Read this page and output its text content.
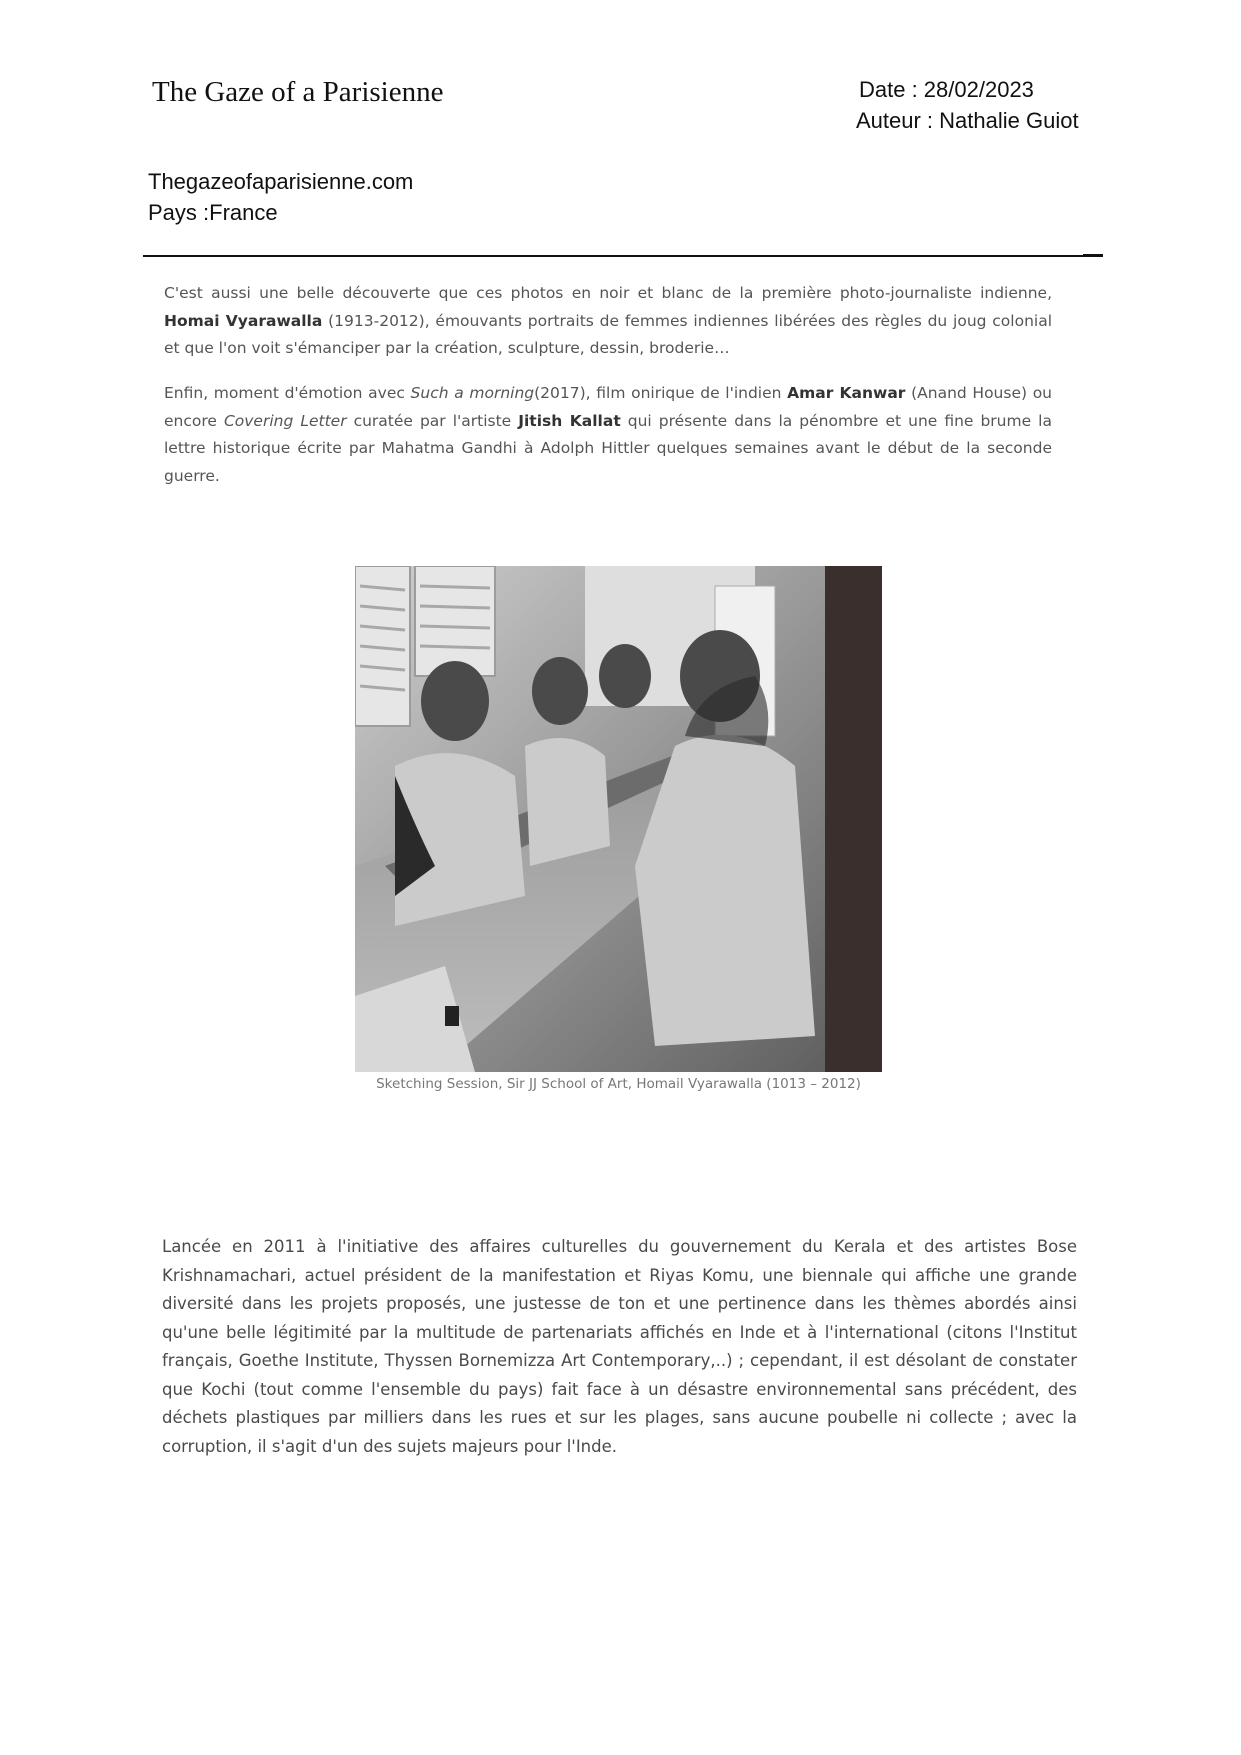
The Gaze of a Parisienne	Date : 28/02/2023
Auteur : Nathalie Guiot
Thegazeofaparisienne.com
Pays :France

C'est aussi une belle découverte que ces photos en noir et blanc de la première photo-journaliste indienne, Homai Vyarawalla (1913-2012), émouvants portraits de femmes indiennes libérées des règles du joug colonial et que l'on voit s'émanciper par la création, sculpture, dessin, broderie…

Enfin, moment d'émotion avec Such a morning(2017), film onirique de l'indien Amar Kanwar (Anand House) ou encore Covering Letter curatée par l'artiste Jitish Kallat qui présente dans la pénombre et une fine brume la lettre historique écrite par Mahatma Gandhi à Adolph Hittler quelques semaines avant le début de la seconde guerre.

Sketching Session, Sir JJ School of Art, Homail Vyarawalla (1013 – 2012)

Lancée en 2011 à l'initiative des affaires culturelles du gouvernement du Kerala et des artistes Bose Krishnamachari, actuel président de la manifestation et Riyas Komu, une biennale qui affiche une grande diversité dans les projets proposés, une justesse de ton et une pertinence dans les thèmes abordés ainsi qu'une belle légitimité par la multitude de partenariats affichés en Inde et à l'international (citons l'Institut français, Goethe Institute, Thyssen Bornemizza Art Contemporary,..) ; cependant, il est désolant de constater que Kochi (tout comme l'ensemble du pays) fait face à un désastre environnemental sans précédent, des déchets plastiques par milliers dans les rues et sur les plages, sans aucune poubelle ni collecte ; avec la corruption, il s'agit d'un des sujets majeurs pour l'Inde.
